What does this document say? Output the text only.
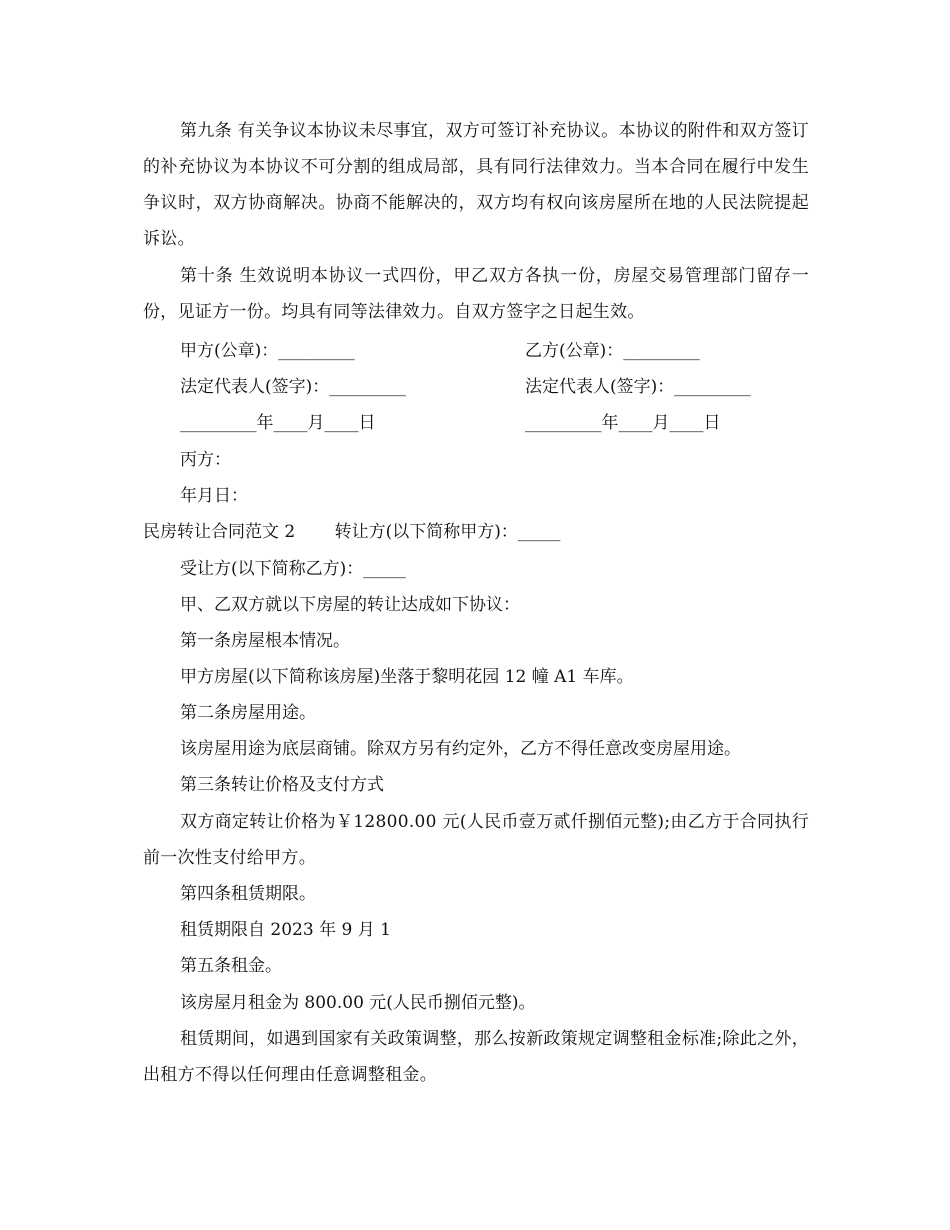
第九条 有关争议本协议未尽事宜，双方可签订补充协议。本协议的附件和双方签订的补充协议为本协议不可分割的组成局部，具有同行法律效力。当本合同在履行中发生争议时，双方协商解决。协商不能解决的，双方均有权向该房屋所在地的人民法院提起诉讼。

第十条 生效说明本协议一式四份，甲乙双方各执一份，房屋交易管理部门留存一份，见证方一份。均具有同等法律效力。自双方签字之日起生效。

甲方(公章)：_________	乙方(公章)：_________

法定代表人(签字)：_________	法定代表人(签字)：_________

_________年____月____日	_________年____月____日

丙方：

年月日：

民房转让合同范文 2 　　转让方(以下简称甲方)：_____

受让方(以下简称乙方)：_____

甲、乙双方就以下房屋的转让达成如下协议：

第一条房屋根本情况。

甲方房屋(以下简称该房屋)坐落于黎明花园 12 幢 A1 车库。

第二条房屋用途。

该房屋用途为底层商铺。除双方另有约定外，乙方不得任意改变房屋用途。

第三条转让价格及支付方式

双方商定转让价格为￥12800.00 元(人民币壹万贰仟捌佰元整);由乙方于合同执行前一次性支付给甲方。

第四条租赁期限。

租赁期限自 2023 年 9 月 1

第五条租金。

该房屋月租金为 800.00 元(人民币捌佰元整)。

租赁期间，如遇到国家有关政策调整，那么按新政策规定调整租金标准;除此之外，出租方不得以任何理由任意调整租金。
